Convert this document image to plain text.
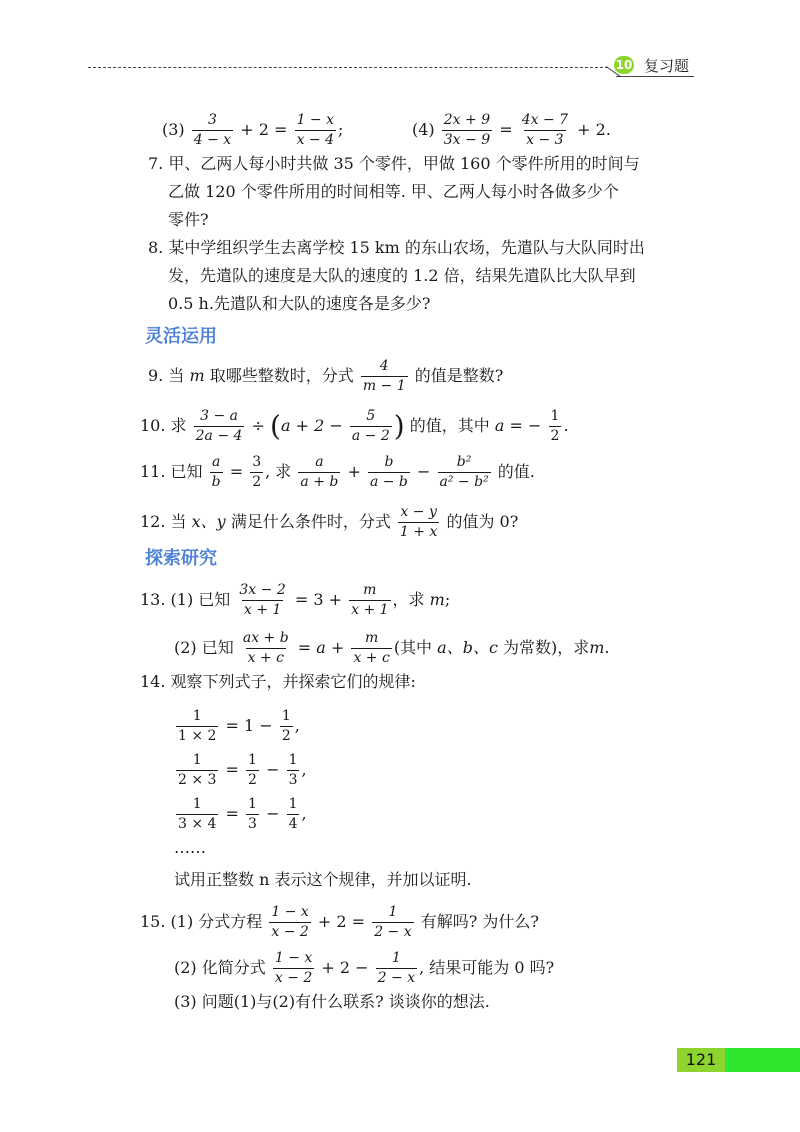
10 复习题
$(3) \frac{3}{4 - x} + 2 = \frac{1 - x}{x - 4}$ ;	$(4) \frac{2x + 9}{3x - 9} = \frac{4x - 7}{x - 3} + 2$.
7. 甲、乙两人每小时共做 35 个零件，甲做 160 个零件所用的时间与
乙做 120 个零件所用的时间相等. 甲、乙两人每小时各做多少个
零件?
8. 某中学组织学生去离学校 15 km 的东山农场，先遣队与大队同时出
发，先遣队的速度是大队的速度的 1.2 倍，结果先遣队比大队早到
0.5 h.先遣队和大队的速度各是多少?
灵活运用
9. 当 m 取哪些整数时，分式 $\frac{4}{m - 1}$ 的值是整数?
10. 求 $\frac{3 - a}{2a - 4} \div (a + 2 - \frac{5}{a - 2}$ ) 的值，其中 a = − $\frac{1}{2}$ .
11. 已知 $\frac{a}{b} = \frac{3}{2}$ , 求 $\frac{a}{a + b} + \frac{b}{a - b} - \frac{\text{b²}}{\text{a² − b²}}$ 的值.
12. 当 x、y 满足什么条件时，分式 $\frac{x - y}{1 + x}$ 的值为 0?
探索研究
13. (1) 已知 $\frac{3x - 2}{x + 1} = 3 + \frac{m}{x + 1}$ ，求 m;
(2) 已知 $\frac{ax + b}{x + c} = a + \frac{m}{x + c}$ (其中 a、b、c 为常数)，求m.
14. 观察下列式子，并探索它们的规律:
$\frac{1}{1 \times 2} = 1 - \frac{1}{2}$ ,
$\frac{1}{2 \times 3} = \frac{1}{2} - \frac{1}{3}$ ,
$\frac{1}{3 \times 4} = \frac{1}{3} - \frac{1}{4}$ ,
……
试用正整数 n 表示这个规律，并加以证明.
15. (1) 分式方程 $\frac{1 - x}{x - 2} + 2 = \frac{1}{2 - x}$ 有解吗? 为什么?
(2) 化简分式 $\frac{1 - x}{x - 2} + 2 - \frac{1}{2 - x}$ , 结果可能为 0 吗?
(3) 问题(1)与(2)有什么联系? 谈谈你的想法.
121
